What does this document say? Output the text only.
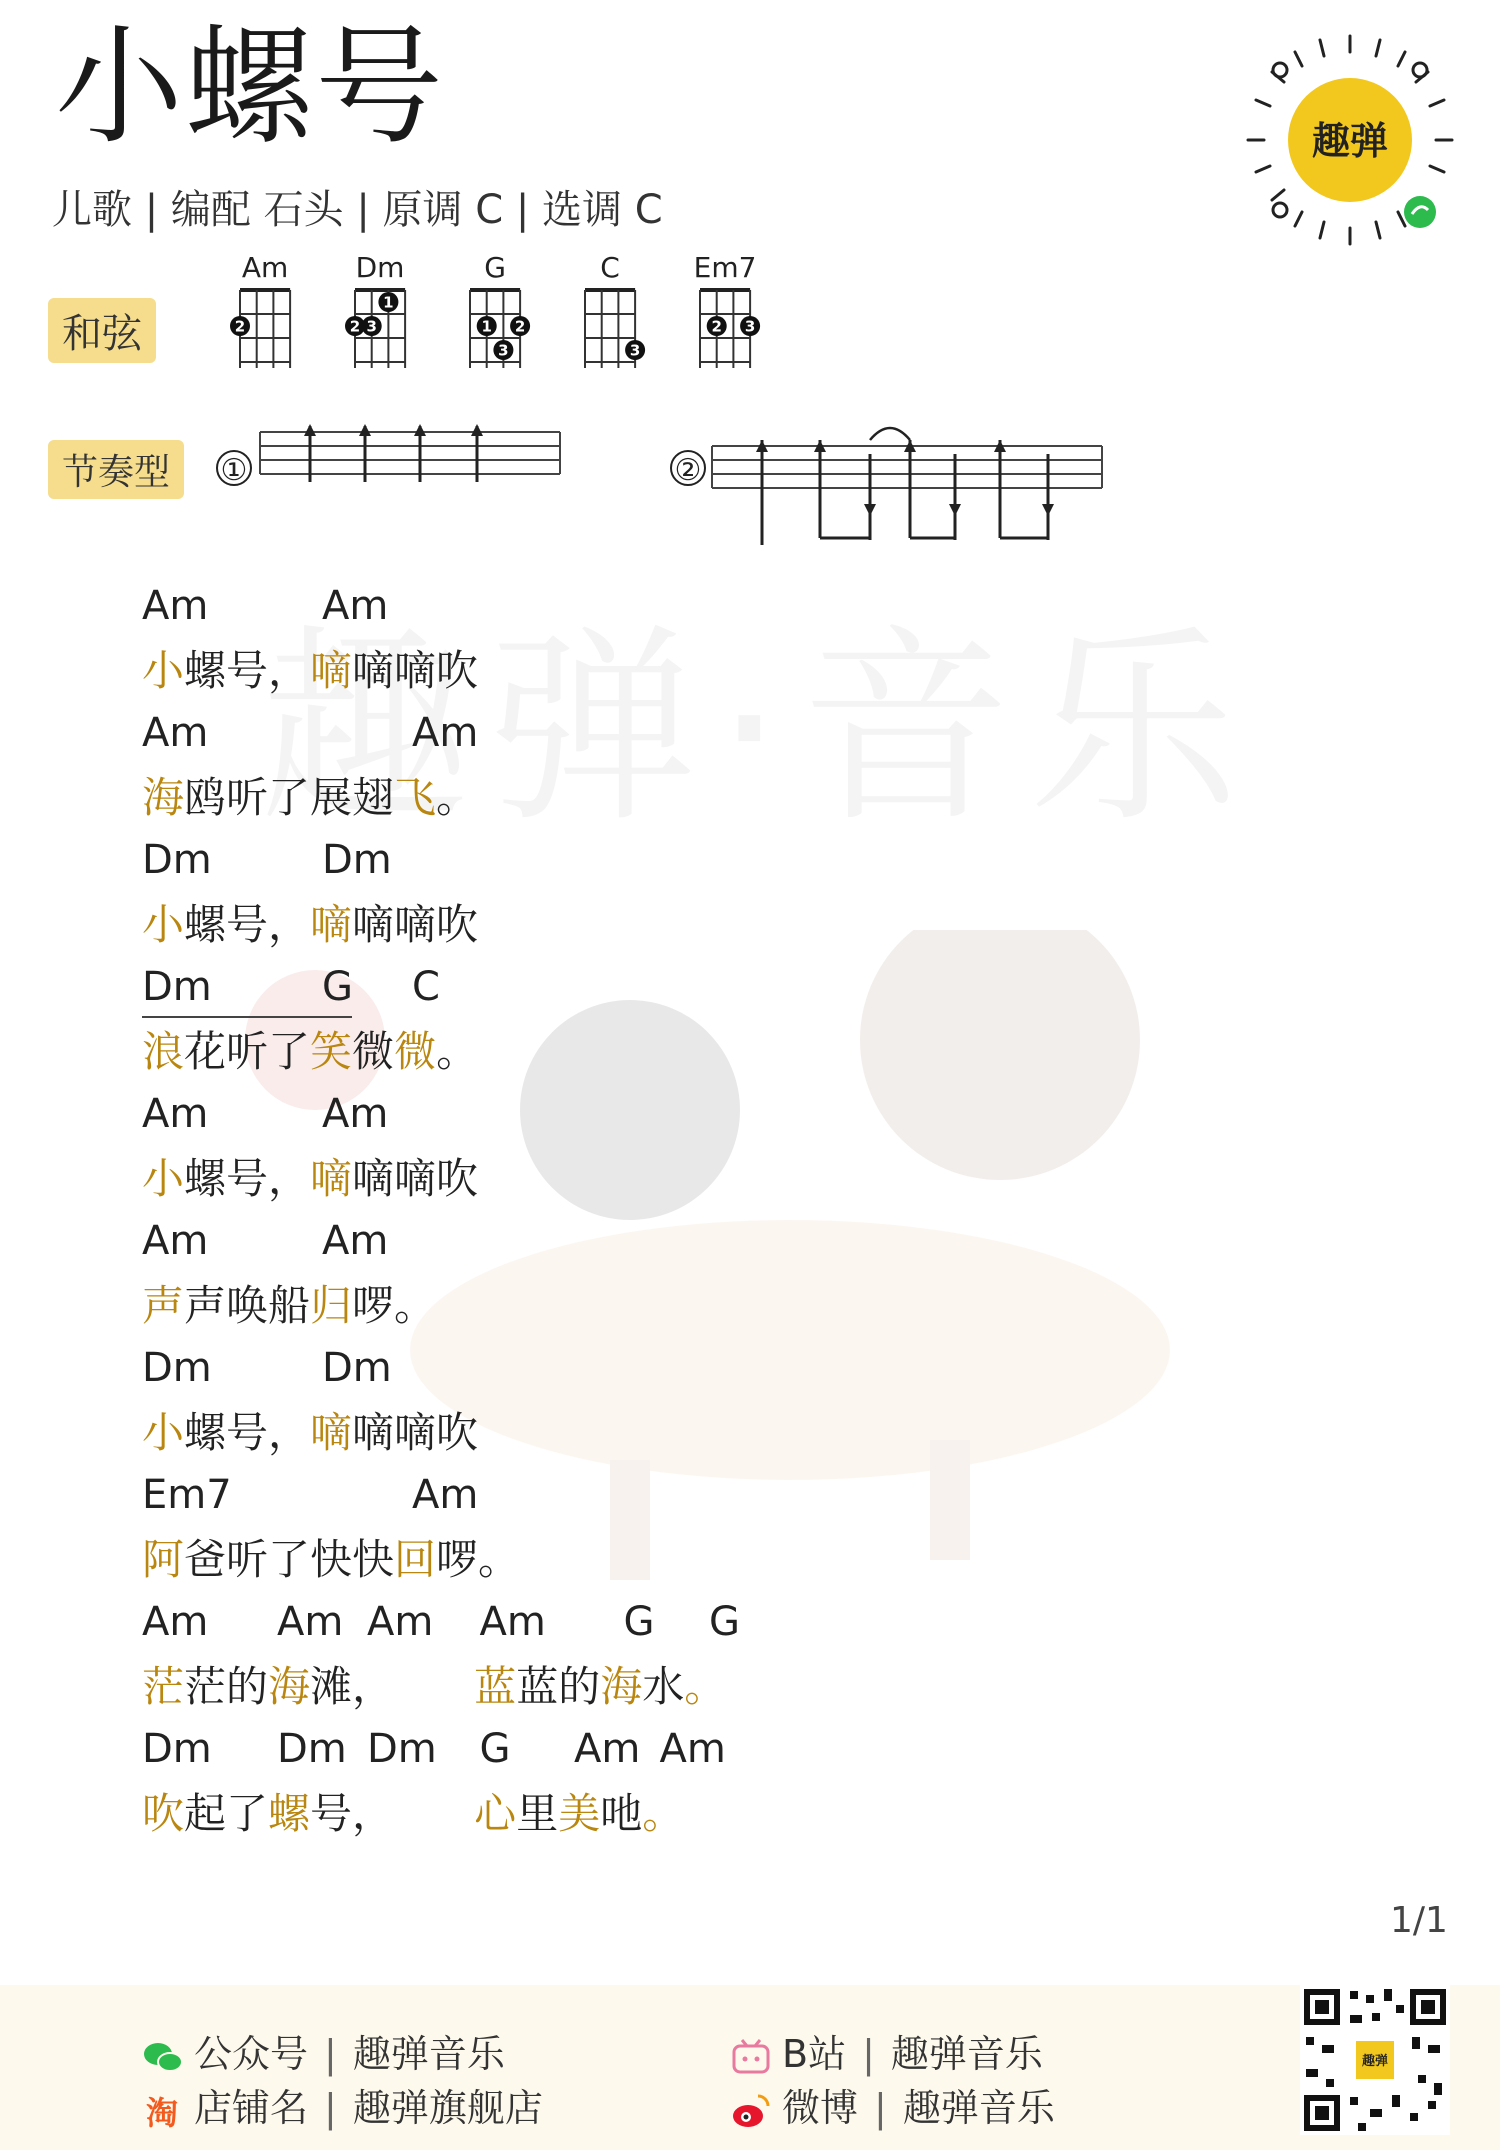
小螺号
儿歌 | 编配 石头 | 原调 C | 选调 C
趣弹
和弦
节奏型
Am
2
Dm
2 3
1
G
1
3
2
C
3
Em7
2 3
①	②
Am	Am
小螺号，嘀嘀嘀吹
Am	Am
海鸥听了展翅飞。
Dm	Dm
小螺号，嘀嘀嘀吹
Dm	G C
浪花听了笑微微。
Am	Am
小螺号，嘀嘀嘀吹
Am	Am
声声唤船归啰。
Dm	Dm
小螺号，嘀嘀嘀吹
Em7	Am
阿爸听了快快回啰。
Am Am Am Am G G
茫茫的海滩， 蓝蓝的海水。
Dm Dm Dm G Am Am
吹起了螺号， 心里美吔。
1/1
公众号 | 趣弹音乐
淘 店铺名 | 趣弹旗舰店
B站 | 趣弹音乐
微博 | 趣弹音乐
趣弹
